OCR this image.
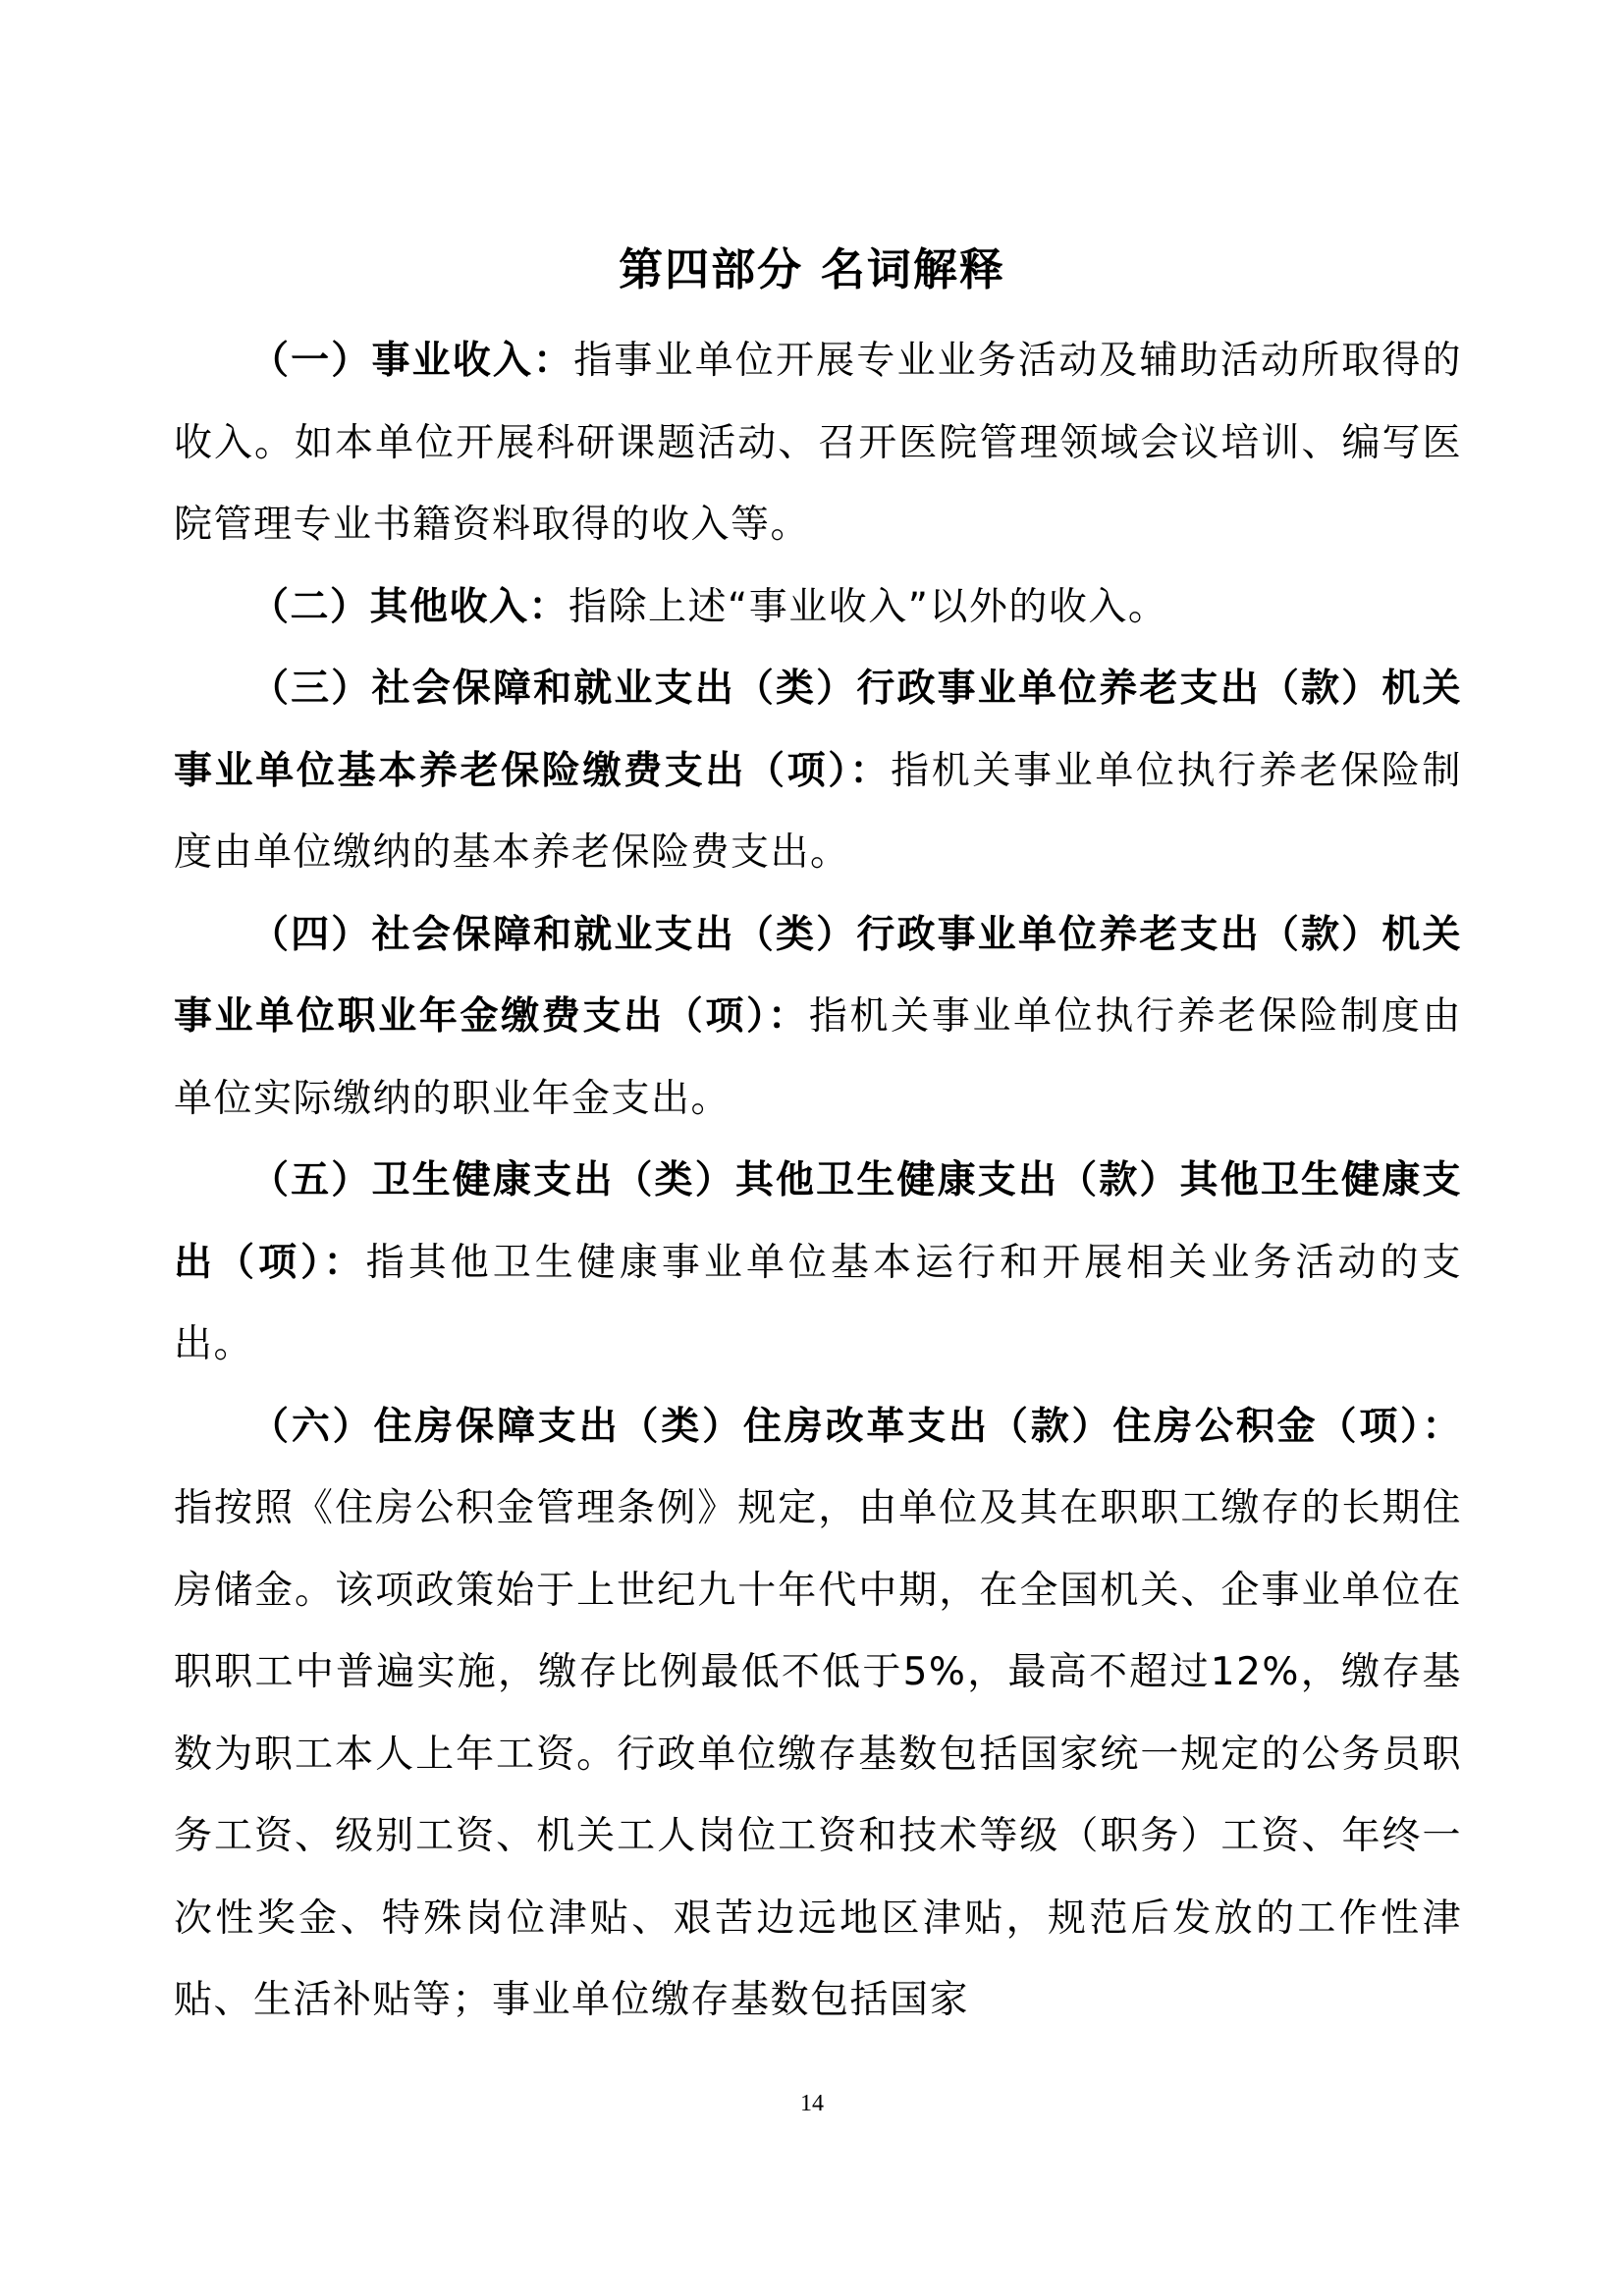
第四部分 名词解释

（一）事业收入：指事业单位开展专业业务活动及辅助活动所取得的收入。如本单位开展科研课题活动、召开医院管理领域会议培训、编写医院管理专业书籍资料取得的收入等。

（二）其他收入：指除上述“事业收入”以外的收入。

（三）社会保障和就业支出（类）行政事业单位养老支出（款）机关事业单位基本养老保险缴费支出（项）：指机关事业单位执行养老保险制度由单位缴纳的基本养老保险费支出。

（四）社会保障和就业支出（类）行政事业单位养老支出（款）机关事业单位职业年金缴费支出（项）：指机关事业单位执行养老保险制度由单位实际缴纳的职业年金支出。

（五）卫生健康支出（类）其他卫生健康支出（款）其他卫生健康支出（项）：指其他卫生健康事业单位基本运行和开展相关业务活动的支出。

（六）住房保障支出（类）住房改革支出（款）住房公积金（项）：指按照《住房公积金管理条例》规定，由单位及其在职职工缴存的长期住房储金。该项政策始于上世纪九十年代中期，在全国机关、企事业单位在职职工中普遍实施，缴存比例最低不低于5%，最高不超过12%，缴存基数为职工本人上年工资。行政单位缴存基数包括国家统一规定的公务员职务工资、级别工资、机关工人岗位工资和技术等级（职务）工资、年终一次性奖金、特殊岗位津贴、艰苦边远地区津贴，规范后发放的工作性津贴、生活补贴等；事业单位缴存基数包括国家

14
